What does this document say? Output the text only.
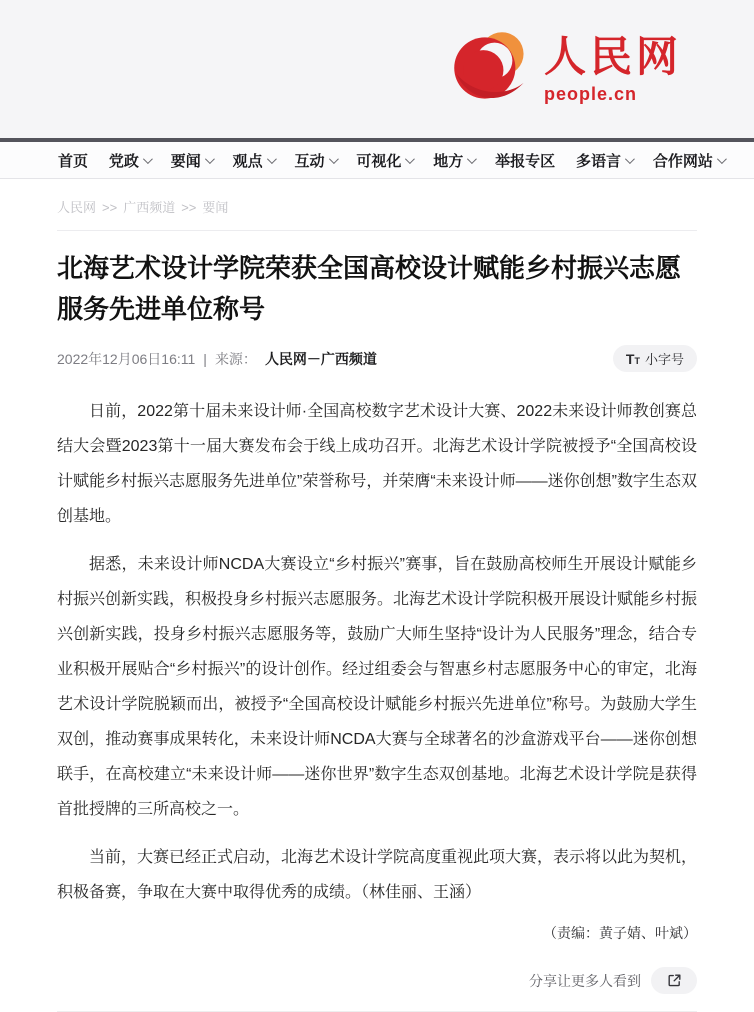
人民网
people.cn
首页 党政 要闻 观点 互动 可视化 地方 举报专区 多语言 合作网站
人民网 >> 广西频道 >> 要闻
北海艺术设计学院荣获全国高校设计赋能乡村振兴志愿服务先进单位称号
2022年12月06日16:11 | 来源： 人民网－广西频道	TT 小字号

日前，2022第十届未来设计师·全国高校数字艺术设计大赛、2022未来设计师教创赛总结大会暨2023第十一届大赛发布会于线上成功召开。北海艺术设计学院被授予“全国高校设计赋能乡村振兴志愿服务先进单位”荣誉称号，并荣膺“未来设计师——迷你创想”数字生态双创基地。

据悉，未来设计师NCDA大赛设立“乡村振兴”赛事，旨在鼓励高校师生开展设计赋能乡村振兴创新实践，积极投身乡村振兴志愿服务。北海艺术设计学院积极开展设计赋能乡村振兴创新实践，投身乡村振兴志愿服务等，鼓励广大师生坚持“设计为人民服务”理念，结合专业积极开展贴合“乡村振兴”的设计创作。经过组委会与智惠乡村志愿服务中心的审定，北海艺术设计学院脱颖而出，被授予“全国高校设计赋能乡村振兴先进单位”称号。为鼓励大学生双创，推动赛事成果转化，未来设计师NCDA大赛与全球著名的沙盒游戏平台——迷你创想联手，在高校建立“未来设计师——迷你世界”数字生态双创基地。北海艺术设计学院是获得首批授牌的三所高校之一。

当前，大赛已经正式启动，北海艺术设计学院高度重视此项大赛，表示将以此为契机，积极备赛，争取在大赛中取得优秀的成绩。（林佳丽、王涵）

（责编：黄子婧、叶斌）
分享让更多人看到
